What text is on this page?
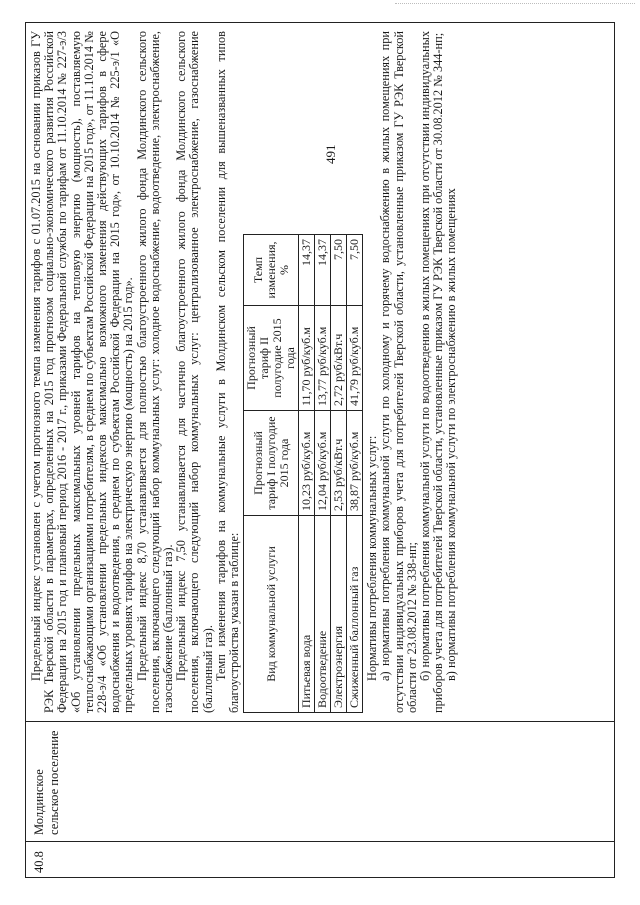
491
40.8
Молдинское сельское поселение

Предельный индекс установлен с учетом прогнозного темпа изменения тарифов с 01.07.2015 на основании приказов ГУ РЭК Тверской области в параметрах, определенных на 2015 год прогнозом социально-экономического развития Российской Федерации на 2015 год и плановый период 2016 - 2017 г., приказами Федеральной службы по тарифам от 11.10.2014 № 227-э/3 «Об установлении предельных максимальных уровней тарифов на тепловую энергию (мощность), поставляемую теплоснабжающими организациями потребителям, в среднем по субъектам Российской Федерации на 2015 год», от 11.10.2014 № 228-э/4 «Об установлении предельных индексов максимально возможного изменения действующих тарифов в сфере водоснабжения и водоотведения, в среднем по субъектам Российской Федерации на 2015 год», от 10.10.2014 № 225-э/1 «О предельных уровнях тарифов на электрическую энергию (мощность) на 2015 год». Предельный индекс 8,70 устанавливается для полностью благоустроенного жилого фонда Молдинского сельского поселения, включающего следующий набор коммунальных услуг: холодное водоснабжение, водоотведение, электроснабжение, газоснабжение (баллонный газ). Предельный индекс 7,50 устанавливается для частично благоустроенного жилого фонда Молдинского сельского поселения, включающего следующий набор коммунальных услуг: централизованное электроснабжение, газоснабжение (баллонный газ). Темп изменения тарифов на коммунальные услуги в Молдинском сельском поселении для вышеназванных типов благоустройства указан в таблице: Вид коммунальной услуги	Прогнозный тариф I полугодие 2015 года	Прогнозный тариф II полугодие 2015 года	Темп изменения, %
Питьевая вода	10,23 руб/куб.м	11,70 руб/куб.м	14,37
Водоотведение	12,04 руб/куб.м	13,77 руб/куб.м	14,37
Электроэнергия	2,53 руб/кВт.ч	2,72 руб/кВт.ч	7,50
Сжиженный баллонный газ	38,87 руб/куб.м	41,79 руб/куб.м	7,50

Нормативы потребления коммунальных услуг: а) нормативы потребления коммунальной услуги по холодному и горячему водоснабжению в жилых помещениях при отсутствии индивидуальных приборов учета для потребителей Тверской области, установленные приказом ГУ РЭК Тверской области от 23.08.2012 № 338-нп; б) нормативы потребления коммунальной услуги по водоотведению в жилых помещениях при отсутствии индивидуальных приборов учета для потребителей Тверской области, установленные приказом ГУ РЭК Тверской области от 30.08.2012 № 344-нп; в) нормативы потребления коммунальной услуги по электроснабжению в жилых помещениях
